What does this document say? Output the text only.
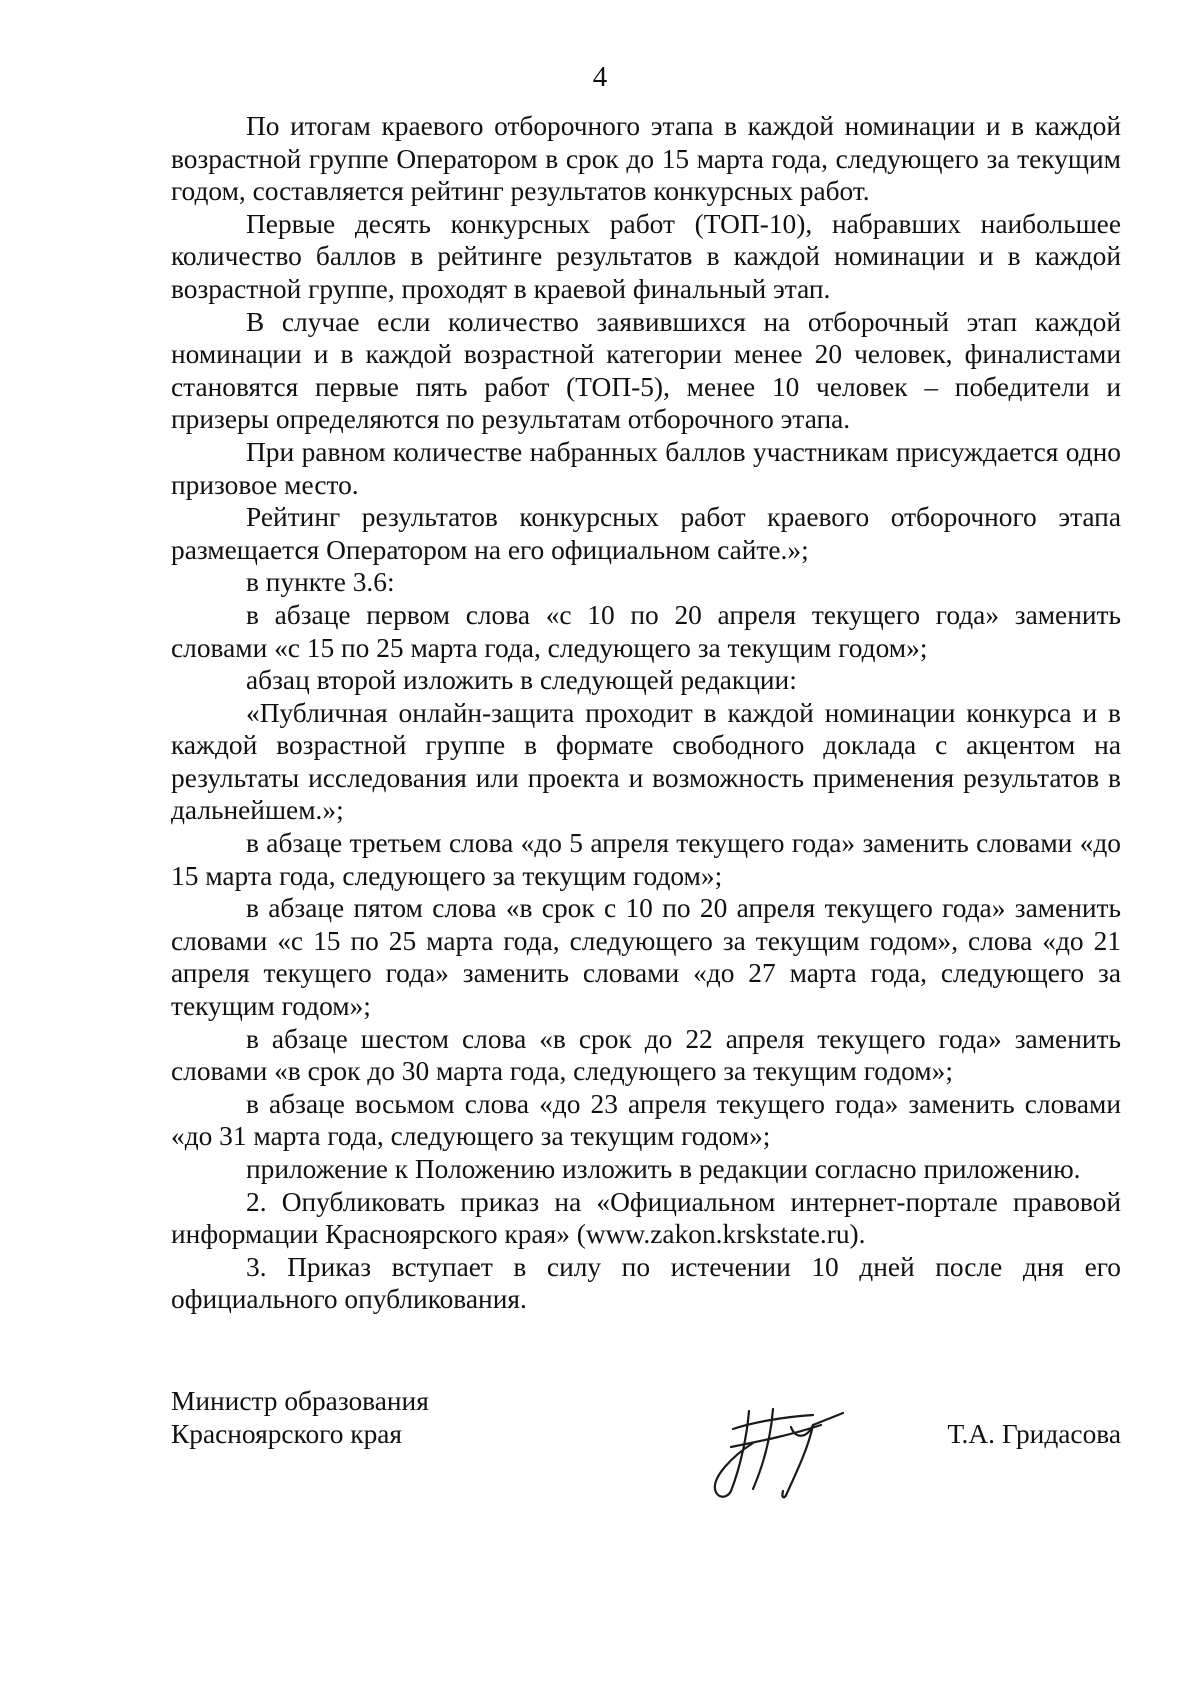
4

По итогам краевого отборочного этапа в каждой номинации и в каждой возрастной группе Оператором в срок до 15 марта года, следующего за текущим годом, составляется рейтинг результатов конкурсных работ.

Первые десять конкурсных работ (ТОП-10), набравших наибольшее количество баллов в рейтинге результатов в каждой номинации и в каждой возрастной группе, проходят в краевой финальный этап.

В случае если количество заявившихся на отборочный этап каждой номинации и в каждой возрастной категории менее 20 человек, финалистами становятся первые пять работ (ТОП-5), менее 10 человек – победители и призеры определяются по результатам отборочного этапа.

При равном количестве набранных баллов участникам присуждается одно призовое место.

Рейтинг результатов конкурсных работ краевого отборочного этапа размещается Оператором на его официальном сайте.»;

в пункте 3.6:

в абзаце первом слова «с 10 по 20 апреля текущего года» заменить словами «с 15 по 25 марта года, следующего за текущим годом»;

абзац второй изложить в следующей редакции:

«Публичная онлайн-защита проходит в каждой номинации конкурса и в каждой возрастной группе в формате свободного доклада с акцентом на результаты исследования или проекта и возможность применения результатов в дальнейшем.»;

в абзаце третьем слова «до 5 апреля текущего года» заменить словами «до 15 марта года, следующего за текущим годом»;

в абзаце пятом слова «в срок с 10 по 20 апреля текущего года» заменить словами «с 15 по 25 марта года, следующего за текущим годом», слова «до 21 апреля текущего года» заменить словами «до 27 марта года, следующего за текущим годом»;

в абзаце шестом слова «в срок до 22 апреля текущего года» заменить словами «в срок до 30 марта года, следующего за текущим годом»;

в абзаце восьмом слова «до 23 апреля текущего года» заменить словами «до 31 марта года, следующего за текущим годом»;

приложение к Положению изложить в редакции согласно приложению.

2. Опубликовать приказ на «Официальном интернет-портале правовой информации Красноярского края» (www.zakon.krskstate.ru).

3. Приказ вступает в силу по истечении 10 дней после дня его официального опубликования.

Министр образования
Красноярского края	Т.А. Гридасова
